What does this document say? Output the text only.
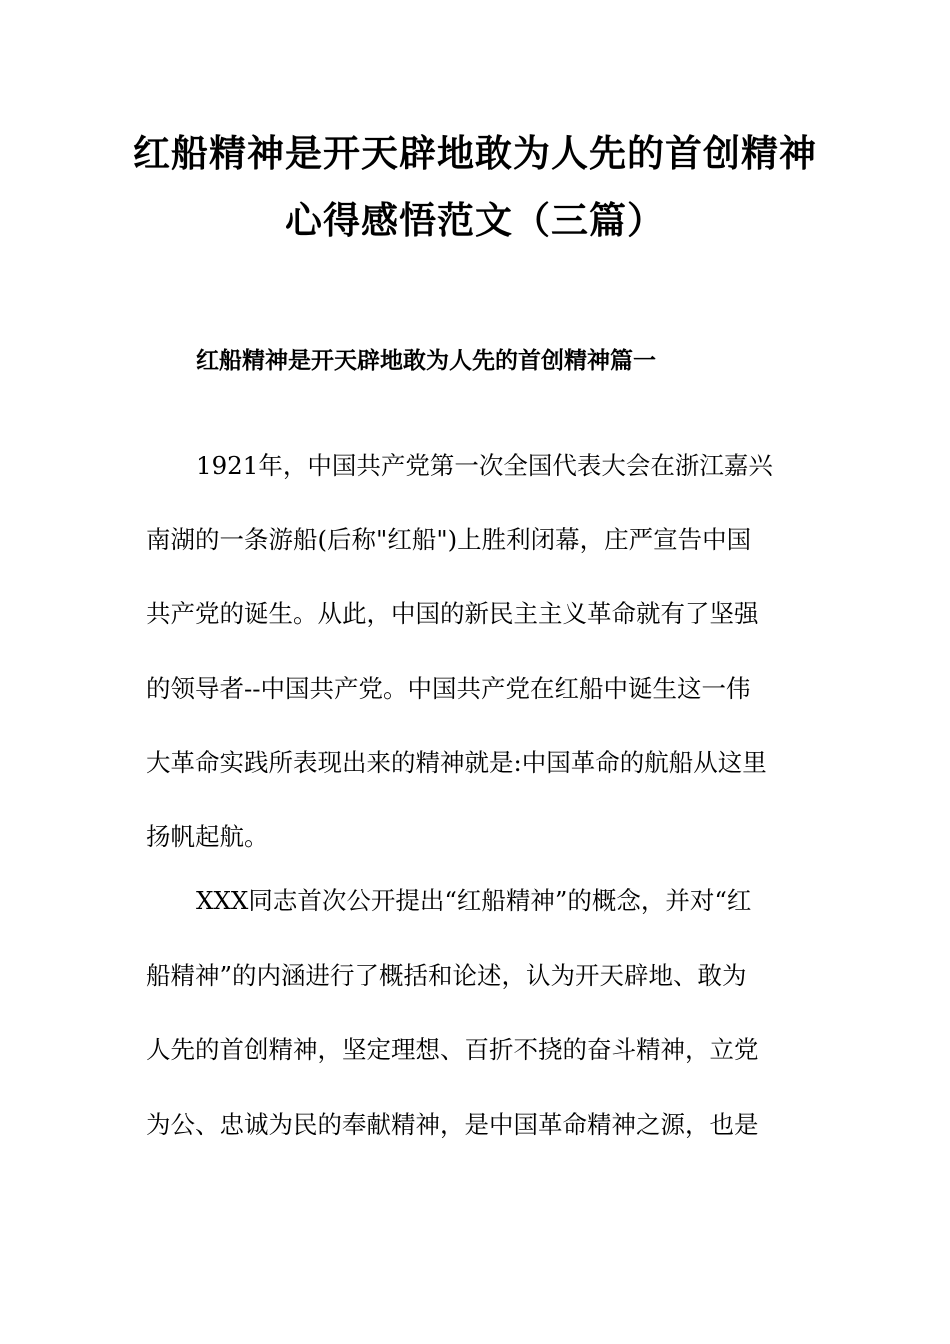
红船精神是开天辟地敢为人先的首创精神
心得感悟范文（三篇）
红船精神是开天辟地敢为人先的首创精神篇一
1921年，中国共产党第一次全国代表大会在浙江嘉兴
南湖的一条游船(后称"红船")上胜利闭幕，庄严宣告中国
共产党的诞生。从此，中国的新民主主义革命就有了坚强
的领导者--中国共产党。中国共产党在红船中诞生这一伟
大革命实践所表现出来的精神就是:中国革命的航船从这里
扬帆起航。
XXX同志首次公开提出“红船精神”的概念，并对“红
船精神”的内涵进行了概括和论述，认为开天辟地、敢为
人先的首创精神，坚定理想、百折不挠的奋斗精神，立党
为公、忠诚为民的奉献精神，是中国革命精神之源，也是
